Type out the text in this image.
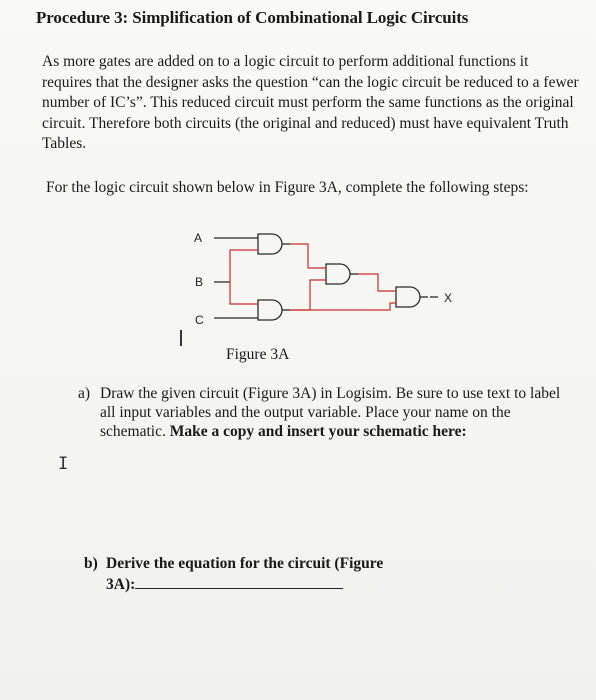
Procedure 3: Simplification of Combinational Logic Circuits
As more gates are added on to a logic circuit to perform additional functions it requires that the designer asks the question “can the logic circuit be reduced to a fewer number of IC’s”. This reduced circuit must perform the same functions as the original circuit. Therefore both circuits (the original and reduced) must have equivalent Truth Tables.
For the logic circuit shown below in Figure 3A, complete the following steps:
A
B
C
X
Figure 3A
a) Draw the given circuit (Figure 3A) in Logisim. Be sure to use text to label all input variables and the output variable. Place your name on the schematic. Make a copy and insert your schematic here:
I
b) Derive the equation for the circuit (Figure 3A):
